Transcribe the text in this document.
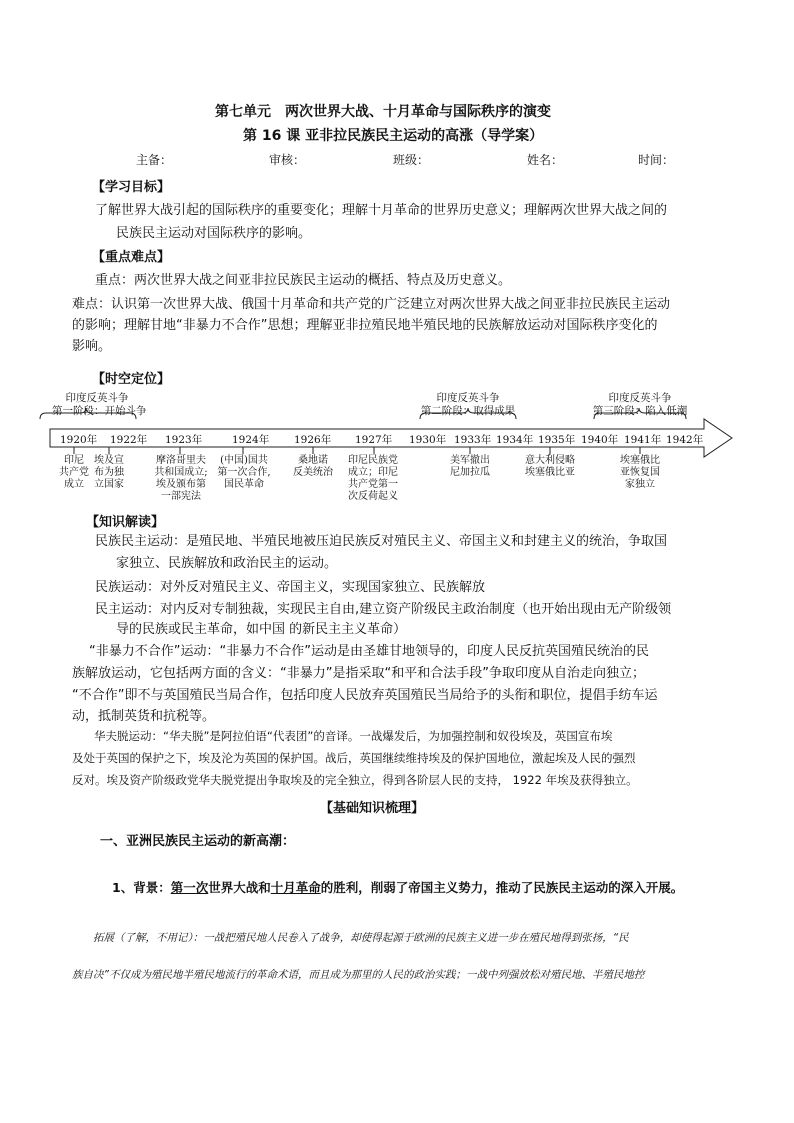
第七单元　两次世界大战、十月革命与国际秩序的演变
第 16 课 亚非拉民族民主运动的高涨（导学案）
主备：	审核：	班级：	姓名：	时间：
【学习目标】
了解世界大战引起的国际秩序的重要变化；理解十月革命的世界历史意义；理解两次世界大战之间的
民族民主运动对国际秩序的影响。
【重点难点】
重点：两次世界大战之间亚非拉民族民主运动的概括、特点及历史意义。
难点：认识第一次世界大战、俄国十月革命和共产党的广泛建立对两次世界大战之间亚非拉民族民主运动
的影响；理解甘地“非暴力不合作”思想；理解亚非拉殖民地半殖民地的民族解放运动对国际秩序变化的
影响。
【时空定位】
印度反英斗争
第一阶段：开始斗争
印度反英斗争
第二阶段：取得成果
印度反英斗争
第三阶段：陷入低潮
1920年 1922年 1923年	1924年 1926年 1927年 1930年 1933年 1934年 1935年 1940年 1941年 1942年
印尼
共产党
成立
埃及宣
布为独
立国家
摩洛哥里夫
共和国成立;
埃及颁布第
一部宪法
(中国)国共
第一次合作,
国民革命
桑地诺
反美统治
印尼民族党
成立；印尼
共产党第一
次反荷起义
美军撤出
尼加拉瓜
意大利侵略
埃塞俄比亚
埃塞俄比
亚恢复国
家独立
【知识解读】
民族民主运动：是殖民地、半殖民地被压迫民族反对殖民主义、帝国主义和封建主义的统治，争取国
家独立、民族解放和政治民主的运动。
民族运动：对外反对殖民主义、帝国主义，实现国家独立、民族解放
民主运动：对内反对专制独裁，实现民主自由,建立资产阶级民主政治制度（也开始出现由无产阶级领
导的民族或民主革命，如中国 的新民主主义革命）
“非暴力不合作”运动：“非暴力不合作”运动是由圣雄甘地领导的，印度人民反抗英国殖民统治的民
族解放运动，它包括两方面的含义：“非暴力”是指采取“和平和合法手段”争取印度从自治走向独立；
“不合作”即不与英国殖民当局合作，包括印度人民放弃英国殖民当局给予的头衔和职位，提倡手纺车运
动，抵制英货和抗税等。
华夫脱运动：“华夫脱”是阿拉伯语“代表团”的音译。一战爆发后，为加强控制和奴役埃及，英国宣布埃
及处于英国的保护之下，埃及沦为英国的保护国。战后，英国继续维持埃及的保护国地位，激起埃及人民的强烈
反对。埃及资产阶级政党华夫脱党提出争取埃及的完全独立，得到各阶层人民的支持， 1922 年埃及获得独立。
【基础知识梳理】
一、亚洲民族民主运动的新高潮：
1、背景：第一次世界大战和十月革命的胜利，削弱了帝国主义势力，推动了民族民主运动的深入开展。
拓展（了解，不用记）：一战把殖民地人民卷入了战争，却使得起源于欧洲的民族主义进一步在殖民地得到张扬，“民
族自决”不仅成为殖民地半殖民地流行的革命术语，而且成为那里的人民的政治实践；一战中列强放松对殖民地、半殖民地控
